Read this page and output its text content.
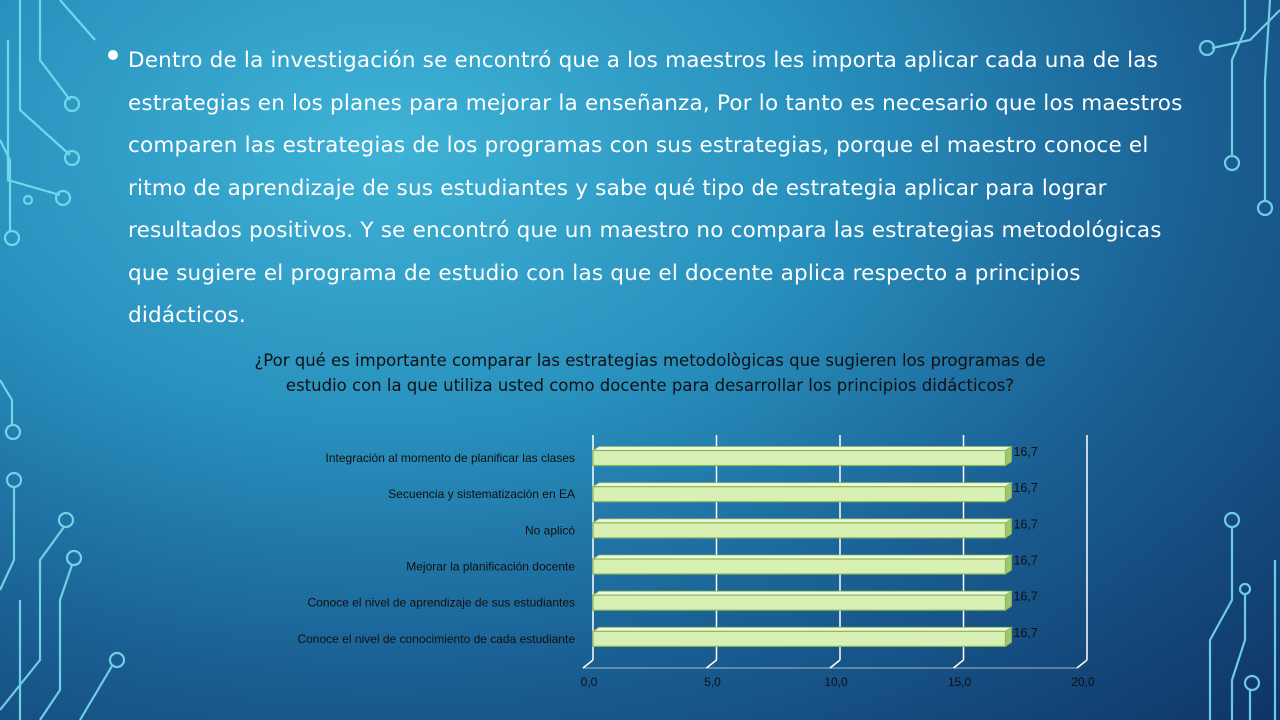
Dentro de la investigación se encontró que a los maestros les importa aplicar cada una de las estrategias en los planes para mejorar la enseñanza, Por lo tanto es necesario que los maestros comparen las estrategias de los programas con sus estrategias, porque el maestro conoce el ritmo de aprendizaje de sus estudiantes y sabe qué tipo de estrategia aplicar para lograr resultados positivos. Y se encontró que un maestro no compara las estrategias metodológicas que sugiere el programa de estudio con las que el docente aplica respecto a principios didácticos.

¿Por qué es importante comparar las estrategias metodològicas que sugieren los programas de estudio con la que utiliza usted como docente para desarrollar los principios didácticos?
0,0	5,0	10,0	15,0	20,0
Integración al momento de planificar las clases	16,7
Secuencia y sistematización en EA	16,7
No aplicó	16,7
Mejorar la planificación docente	16,7
Conoce el nivel de aprendizaje de sus estudiantes	16,7
Conoce el nivel de conocimiento de cada estudiante	16,7
